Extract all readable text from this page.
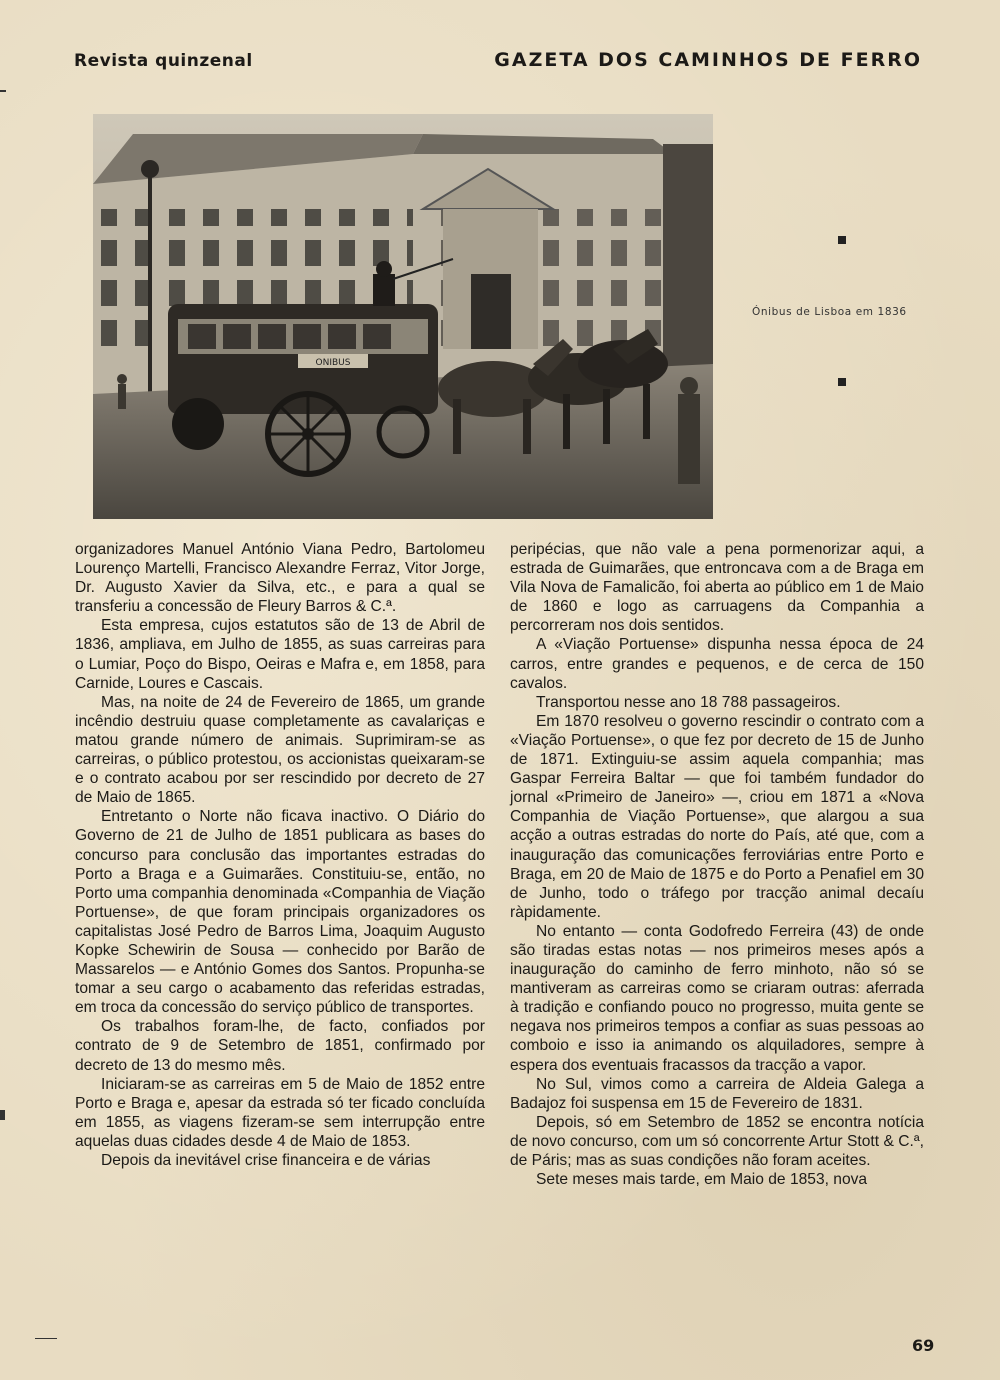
Revista quinzenal	GAZETA DOS CAMINHOS DE FERRO
ONIBUS
Ónibus de Lisboa em 1836

organizadores Manuel António Viana Pedro, Bartolomeu Lourenço Martelli, Francisco Alexandre Ferraz, Vitor Jorge, Dr. Augusto Xavier da Silva, etc., e para a qual se transferiu a concessão de Fleury Barros & C.ª.

Esta empresa, cujos estatutos são de 13 de Abril de 1836, ampliava, em Julho de 1855, as suas carreiras para o Lumiar, Poço do Bispo, Oeiras e Mafra e, em 1858, para Carnide, Loures e Cascais.

Mas, na noite de 24 de Fevereiro de 1865, um grande incêndio destruiu quase completamente as cavalariças e matou grande número de animais. Suprimiram-se as carreiras, o público protestou, os accionistas queixaram-se e o contrato acabou por ser rescindido por decreto de 27 de Maio de 1865.

Entretanto o Norte não ficava inactivo. O Diário do Governo de 21 de Julho de 1851 publicara as bases do concurso para conclusão das importantes estradas do Porto a Braga e a Guimarães. Constituiu-se, então, no Porto uma companhia denominada «Companhia de Viação Portuense», de que foram principais organizadores os capitalistas José Pedro de Barros Lima, Joaquim Augusto Kopke Schewirin de Sousa — conhecido por Barão de Massarelos — e António Gomes dos Santos. Propunha-se tomar a seu cargo o acabamento das referidas estradas, em troca da concessão do serviço público de transportes.

Os trabalhos foram-lhe, de facto, confiados por contrato de 9 de Setembro de 1851, confirmado por decreto de 13 do mesmo mês.

Iniciaram-se as carreiras em 5 de Maio de 1852 entre Porto e Braga e, apesar da estrada só ter ficado concluída em 1855, as viagens fizeram-se sem interrupção entre aquelas duas cidades desde 4 de Maio de 1853.

Depois da inevitável crise financeira e de várias

peripécias, que não vale a pena pormenorizar aqui, a estrada de Guimarães, que entroncava com a de Braga em Vila Nova de Famalicão, foi aberta ao público em 1 de Maio de 1860 e logo as carruagens da Companhia a percorreram nos dois sentidos.

A «Viação Portuense» dispunha nessa época de 24 carros, entre grandes e pequenos, e de cerca de 150 cavalos.

Transportou nesse ano 18 788 passageiros.

Em 1870 resolveu o governo rescindir o contrato com a «Viação Portuense», o que fez por decreto de 15 de Junho de 1871. Extinguiu-se assim aquela companhia; mas Gaspar Ferreira Baltar — que foi também fundador do jornal «Primeiro de Janeiro» —, criou em 1871 a «Nova Companhia de Viação Portuense», que alargou a sua acção a outras estradas do norte do País, até que, com a inauguração das comunicações ferroviárias entre Porto e Braga, em 20 de Maio de 1875 e do Porto a Penafiel em 30 de Junho, todo o tráfego por tracção animal decaíu ràpidamente.

No entanto — conta Godofredo Ferreira (43) de onde são tiradas estas notas — nos primeiros meses após a inauguração do caminho de ferro minhoto, não só se mantiveram as carreiras como se criaram outras: aferrada à tradição e confiando pouco no progresso, muita gente se negava nos primeiros tempos a confiar as suas pessoas ao comboio e isso ia animando os alquiladores, sempre à espera dos eventuais fracassos da tracção a vapor.

No Sul, vimos como a carreira de Aldeia Galega a Badajoz foi suspensa em 15 de Fevereiro de 1831.

Depois, só em Setembro de 1852 se encontra notícia de novo concurso, com um só concorrente Artur Stott & C.ª, de Páris; mas as suas condições não foram aceites.

Sete meses mais tarde, em Maio de 1853, nova

69
